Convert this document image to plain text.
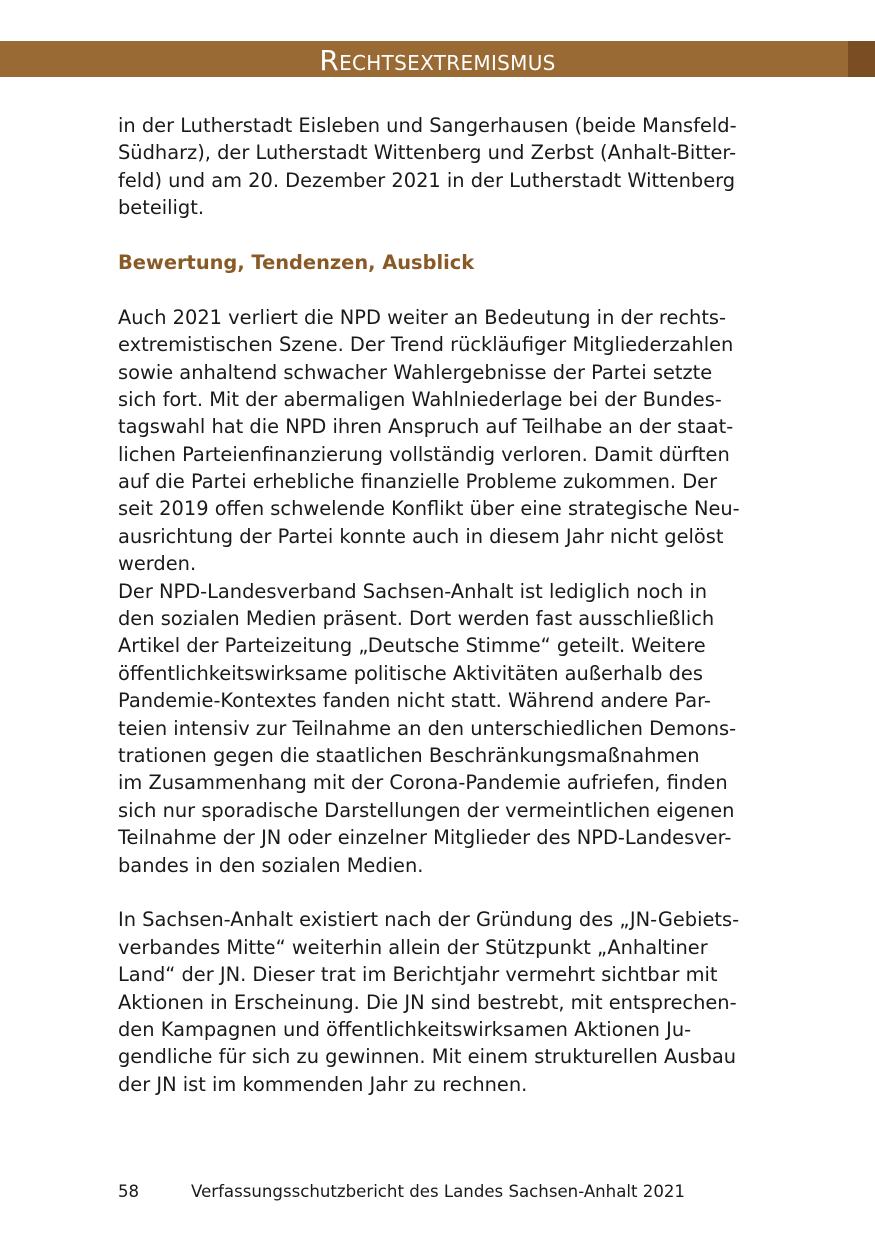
Rechtsextremismus
in der Lutherstadt Eisleben und Sangerhausen (beide Mansfeld-
Südharz), der Lutherstadt Wittenberg und Zerbst (Anhalt-Bitter-
feld) und am 20. Dezember 2021 in der Lutherstadt Wittenberg
beteiligt.
Bewertung, Tendenzen, Ausblick
Auch 2021 verliert die NPD weiter an Bedeutung in der rechts-
extremistischen Szene. Der Trend rückläufiger Mitgliederzahlen
sowie anhaltend schwacher Wahlergebnisse der Partei setzte
sich fort. Mit der abermaligen Wahlniederlage bei der Bundes-
tagswahl hat die NPD ihren Anspruch auf Teilhabe an der staat-
lichen Parteienfinanzierung vollständig verloren. Damit dürften
auf die Partei erhebliche finanzielle Probleme zukommen. Der
seit 2019 offen schwelende Konflikt über eine strategische Neu-
ausrichtung der Partei konnte auch in diesem Jahr nicht gelöst
werden.
Der NPD-Landesverband Sachsen-Anhalt ist lediglich noch in
den sozialen Medien präsent. Dort werden fast ausschließlich
Artikel der Parteizeitung „Deutsche Stimme“ geteilt. Weitere
öffentlichkeitswirksame politische Aktivitäten außerhalb des
Pandemie-Kontextes fanden nicht statt. Während andere Par-
teien intensiv zur Teilnahme an den unterschiedlichen Demons-
trationen gegen die staatlichen Beschränkungsmaßnahmen
im Zusammenhang mit der Corona-Pandemie aufriefen, finden
sich nur sporadische Darstellungen der vermeintlichen eigenen
Teilnahme der JN oder einzelner Mitglieder des NPD-Landesver-
bandes in den sozialen Medien.
In Sachsen-Anhalt existiert nach der Gründung des „JN-Gebiets-
verbandes Mitte“ weiterhin allein der Stützpunkt „Anhaltiner
Land“ der JN. Dieser trat im Berichtjahr vermehrt sichtbar mit
Aktionen in Erscheinung. Die JN sind bestrebt, mit entsprechen-
den Kampagnen und öffentlichkeitswirksamen Aktionen Ju-
gendliche für sich zu gewinnen. Mit einem strukturellen Ausbau
der JN ist im kommenden Jahr zu rechnen.
58	Verfassungsschutzbericht des Landes Sachsen-Anhalt 2021
